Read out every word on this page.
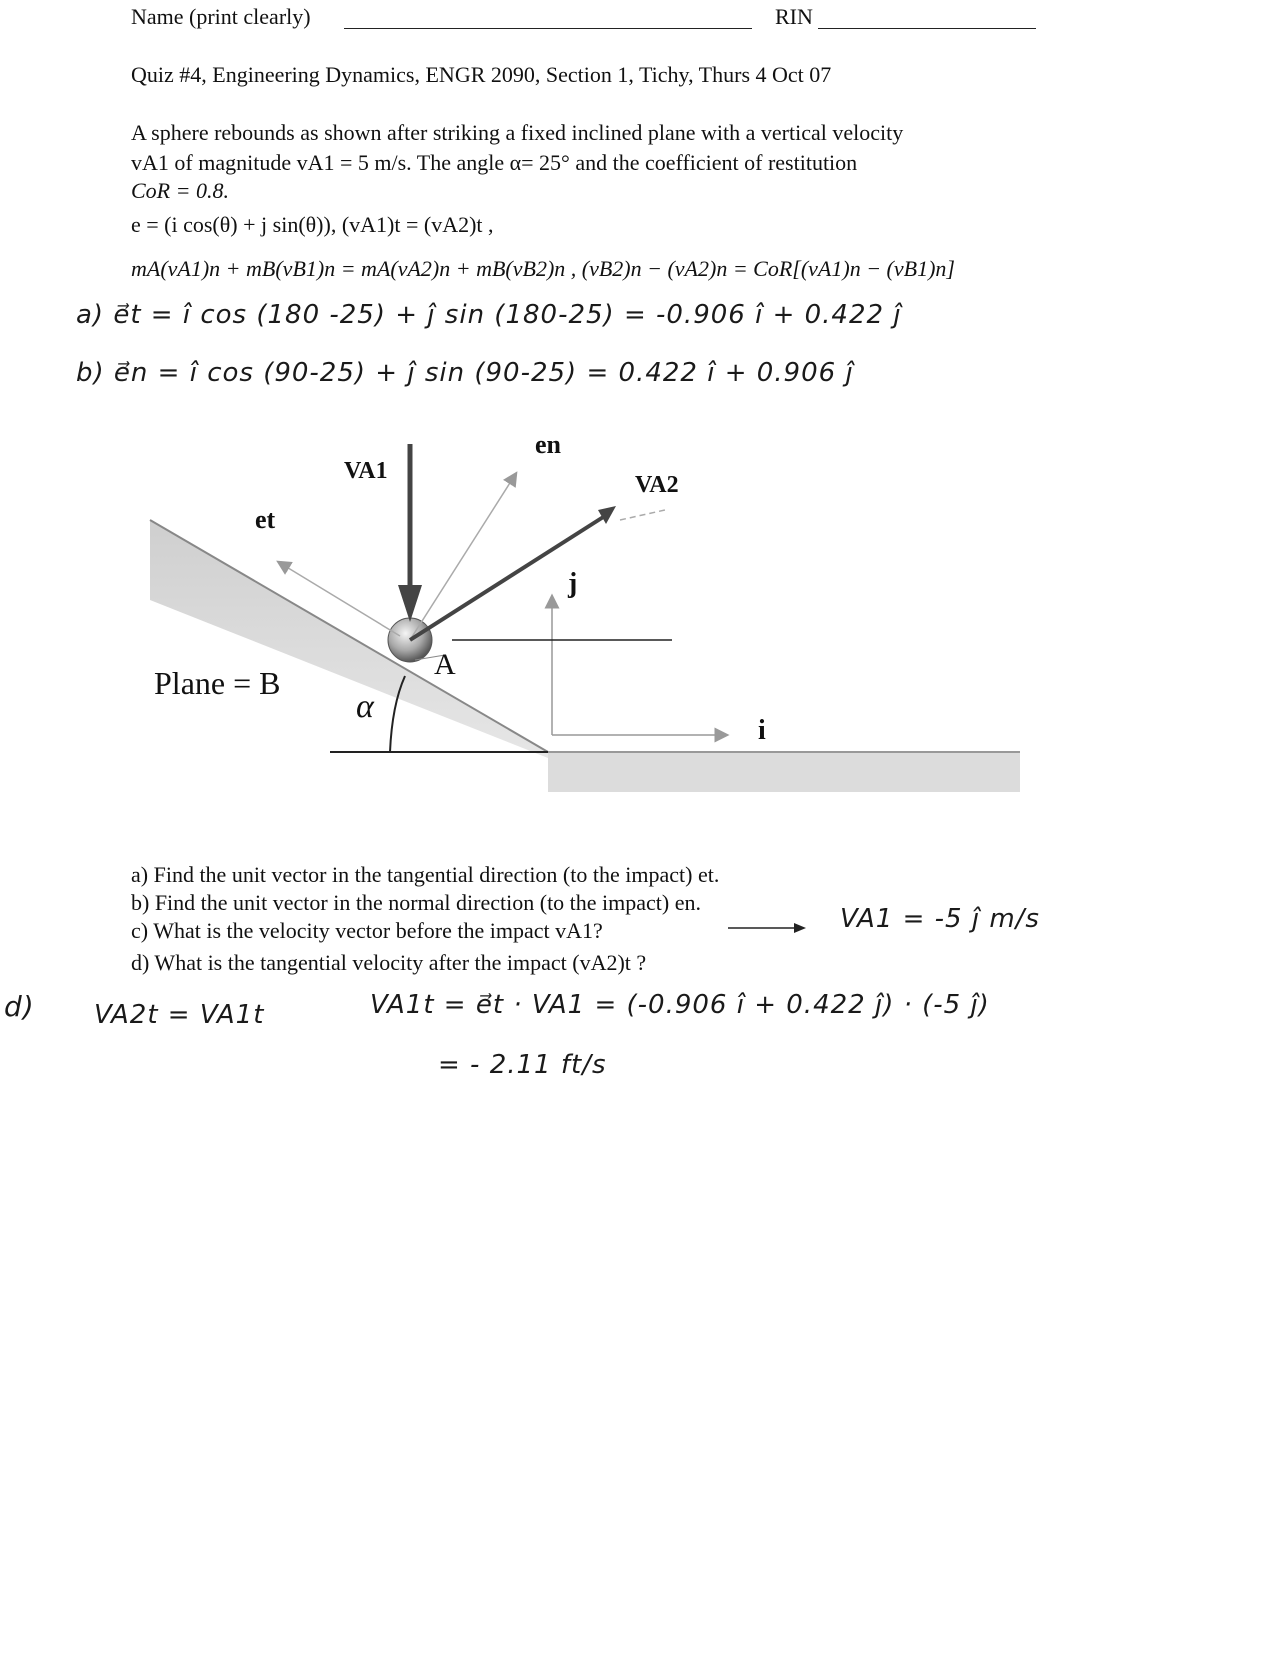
Name (print clearly)	RIN
Quiz #4, Engineering Dynamics, ENGR 2090, Section 1, Tichy, Thurs 4 Oct 07
A sphere rebounds as shown after striking a fixed inclined plane with a vertical velocity
vA1 of magnitude vA1 = 5 m/s. The angle α= 25° and the coefficient of restitution
CoR = 0.8.
e = (i cos(θ) + j sin(θ)), (vA1)t = (vA2)t ,
mA(vA1)n + mB(vB1)n = mA(vA2)n + mB(vB2)n , (vB2)n − (vA2)n = CoR[(vA1)n − (vB1)n]
a) e⃗t = î cos (180 -25) + ĵ sin (180-25) = -0.906 î + 0.422 ĵ
b) e⃗n = î cos (90-25) + ĵ sin (90-25) = 0.422 î + 0.906 ĵ
VA1
VA2
en
et
j
i
A
α
Plane = B
a) Find the unit vector in the tangential direction (to the impact) et.
b) Find the unit vector in the normal direction (to the impact) en.
c) What is the velocity vector before the impact vA1?
d) What is the tangential velocity after the impact (vA2)t ?
VA1 = -5 ĵ m/s
d) VA2t = VA1t	VA1t = e⃗t · VA1 = (-0.906 î + 0.422 ĵ) · (-5 ĵ)
= - 2.11 ft/s
